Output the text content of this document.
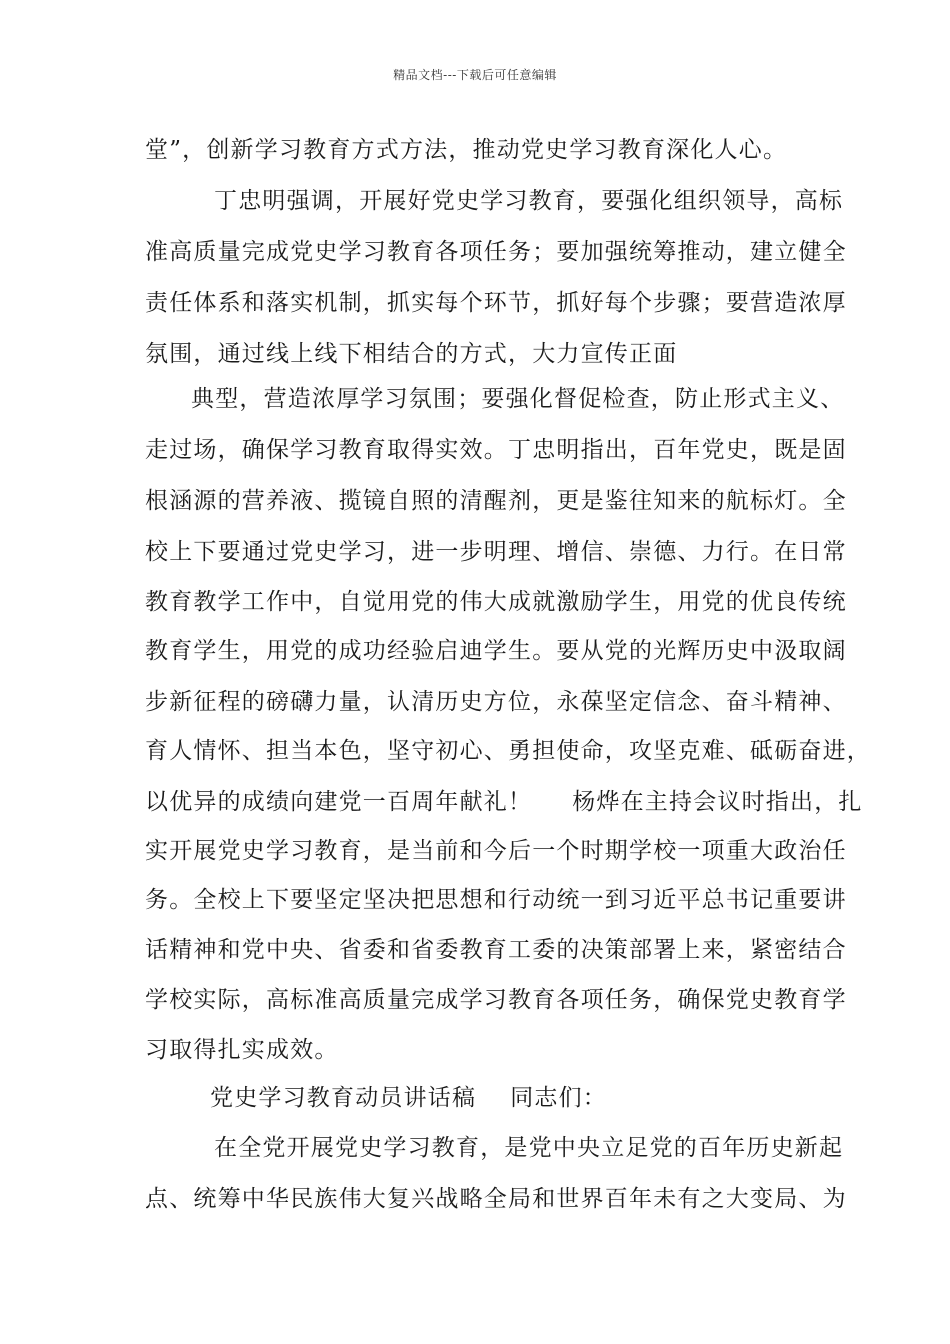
精品文档---下载后可任意编辑
堂”，创新学习教育方式方法，推动党史学习教育深化人心。
丁忠明强调，开展好党史学习教育，要强化组织领导，高标
准高质量完成党史学习教育各项任务；要加强统筹推动，建立健全
责任体系和落实机制，抓实每个环节，抓好每个步骤；要营造浓厚
氛围，通过线上线下相结合的方式，大力宣传正面
典型，营造浓厚学习氛围；要强化督促检查，防止形式主义、
走过场，确保学习教育取得实效。丁忠明指出，百年党史，既是固
根涵源的营养液、揽镜自照的清醒剂，更是鉴往知来的航标灯。全
校上下要通过党史学习，进一步明理、增信、崇德、力行。在日常
教育教学工作中，自觉用党的伟大成就激励学生，用党的优良传统
教育学生，用党的成功经验启迪学生。要从党的光辉历史中汲取阔
步新征程的磅礴力量，认清历史方位，永葆坚定信念、奋斗精神、
育人情怀、担当本色，坚守初心、勇担使命，攻坚克难、砥砺奋进，
以优异的成绩向建党一百周年献礼！ 杨烨在主持会议时指出，扎
实开展党史学习教育，是当前和今后一个时期学校一项重大政治任
务。全校上下要坚定坚决把思想和行动统一到习近平总书记重要讲
话精神和党中央、省委和省委教育工委的决策部署上来，紧密结合
学校实际，高标准高质量完成学习教育各项任务，确保党史教育学
习取得扎实成效。
党史学习教育动员讲话稿 同志们：
在全党开展党史学习教育，是党中央立足党的百年历史新起
点、统筹中华民族伟大复兴战略全局和世界百年未有之大变局、为
